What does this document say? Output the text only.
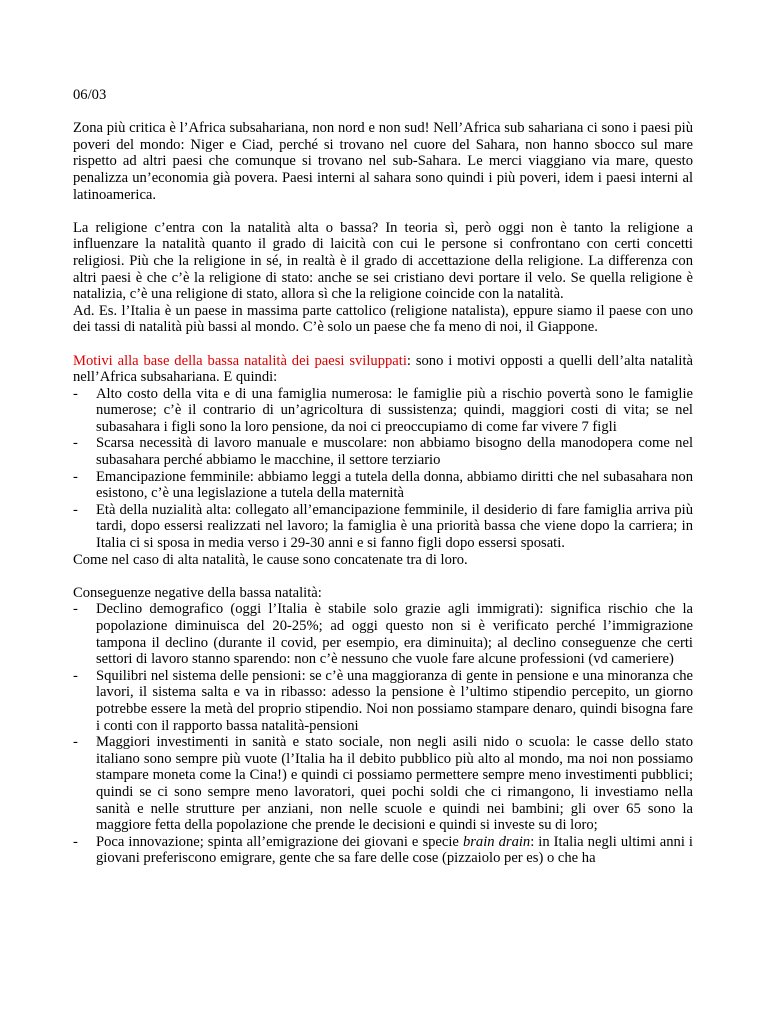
06/03

Zona più critica è l’Africa subsahariana, non nord e non sud! Nell’Africa sub sahariana ci sono i paesi più poveri del mondo: Niger e Ciad, perché si trovano nel cuore del Sahara, non hanno sbocco sul mare rispetto ad altri paesi che comunque si trovano nel sub-Sahara. Le merci viaggiano via mare, questo penalizza un’economia già povera. Paesi interni al sahara sono quindi i più poveri, idem i paesi interni al latinoamerica.

La religione c’entra con la natalità alta o bassa? In teoria sì, però oggi non è tanto la religione a influenzare la natalità quanto il grado di laicità con cui le persone si confrontano con certi concetti religiosi. Più che la religione in sé, in realtà è il grado di accettazione della religione. La differenza con altri paesi è che c’è la religione di stato: anche se sei cristiano devi portare il velo. Se quella religione è natalizia, c’è una religione di stato, allora sì che la religione coincide con la natalità.

Ad. Es. l’Italia è un paese in massima parte cattolico (religione natalista), eppure siamo il paese con uno dei tassi di natalità più bassi al mondo. C’è solo un paese che fa meno di noi, il Giappone.

Motivi alla base della bassa natalità dei paesi sviluppati: sono i motivi opposti a quelli dell’alta natalità nell’Africa subsahariana. E quindi:

- Alto costo della vita e di una famiglia numerosa: le famiglie più a rischio povertà sono le famiglie numerose; c’è il contrario di un’agricoltura di sussistenza; quindi, maggiori costi di vita; se nel subasahara i figli sono la loro pensione, da noi ci preoccupiamo di come far vivere 7 figli
- Scarsa necessità di lavoro manuale e muscolare: non abbiamo bisogno della manodopera come nel subasahara perché abbiamo le macchine, il settore terziario
- Emancipazione femminile: abbiamo leggi a tutela della donna, abbiamo diritti che nel subasahara non esistono, c’è una legislazione a tutela della maternità
- Età della nuzialità alta: collegato all’emancipazione femminile, il desiderio di fare famiglia arriva più tardi, dopo essersi realizzati nel lavoro; la famiglia è una priorità bassa che viene dopo la carriera; in Italia ci si sposa in media verso i 29-30 anni e si fanno figli dopo essersi sposati.

Come nel caso di alta natalità, le cause sono concatenate tra di loro.

Conseguenze negative della bassa natalità:

- Declino demografico (oggi l’Italia è stabile solo grazie agli immigrati): significa rischio che la popolazione diminuisca del 20-25%; ad oggi questo non si è verificato perché l’immigrazione tampona il declino (durante il covid, per esempio, era diminuita); al declino conseguenze che certi settori di lavoro stanno sparendo: non c’è nessuno che vuole fare alcune professioni (vd cameriere)
- Squilibri nel sistema delle pensioni: se c’è una maggioranza di gente in pensione e una minoranza che lavori, il sistema salta e va in ribasso: adesso la pensione è l’ultimo stipendio percepito, un giorno potrebbe essere la metà del proprio stipendio. Noi non possiamo stampare denaro, quindi bisogna fare i conti con il rapporto bassa natalità-pensioni
- Maggiori investimenti in sanità e stato sociale, non negli asili nido o scuola: le casse dello stato italiano sono sempre più vuote (l’Italia ha il debito pubblico più alto al mondo, ma noi non possiamo stampare moneta come la Cina!) e quindi ci possiamo permettere sempre meno investimenti pubblici; quindi se ci sono sempre meno lavoratori, quei pochi soldi che ci rimangono, li investiamo nella sanità e nelle strutture per anziani, non nelle scuole e quindi nei bambini; gli over 65 sono la maggiore fetta della popolazione che prende le decisioni e quindi si investe su di loro;
- Poca innovazione; spinta all’emigrazione dei giovani e specie brain drain: in Italia negli ultimi anni i giovani preferiscono emigrare, gente che sa fare delle cose (pizzaiolo per es) o che ha
